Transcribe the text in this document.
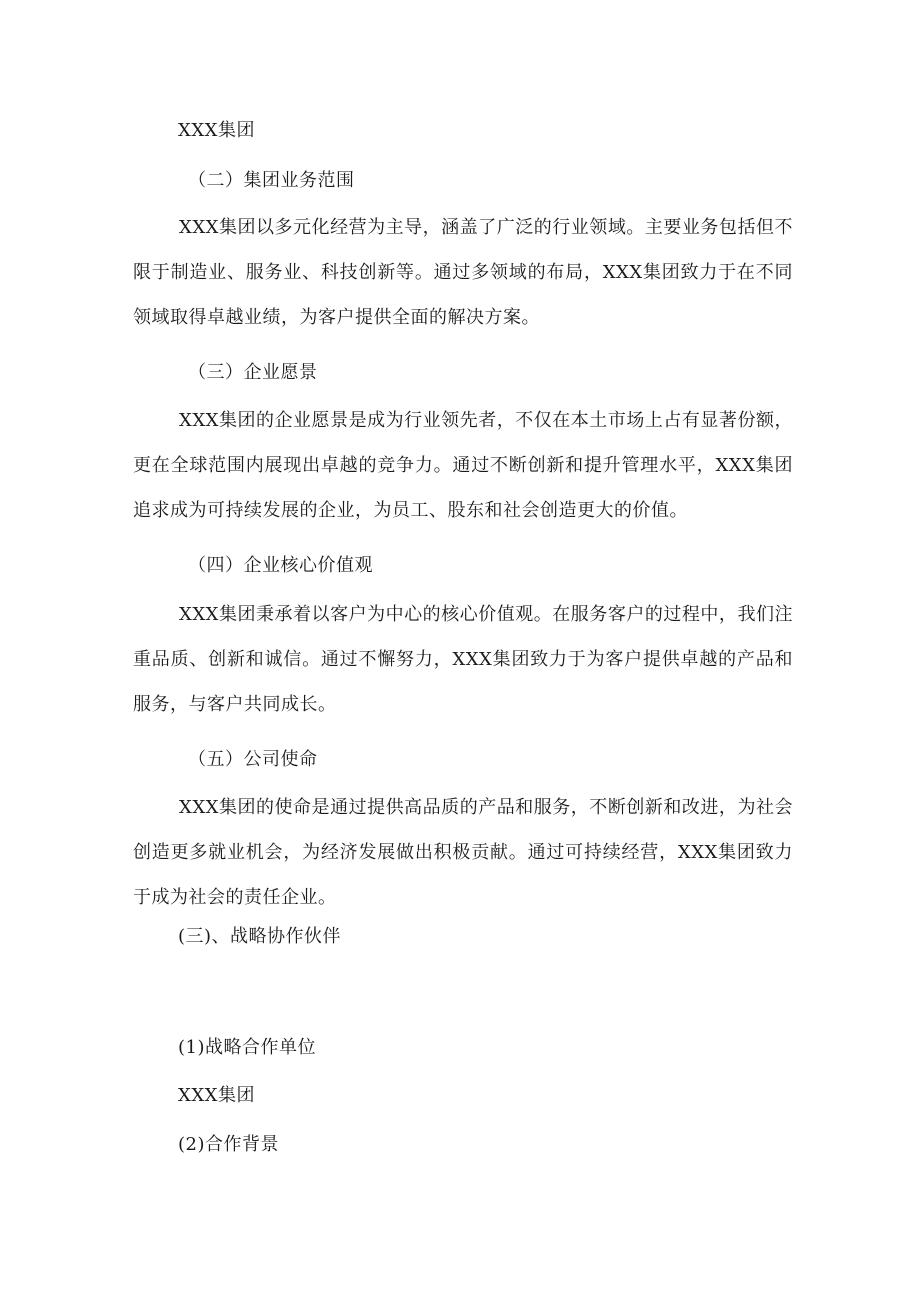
XXX集团
（二）集团业务范围
XXX集团以多元化经营为主导，涵盖了广泛的行业领域。主要业务包括但不限于制造业、服务业、科技创新等。通过多领域的布局，XXX集团致力于在不同领域取得卓越业绩，为客户提供全面的解决方案。
（三）企业愿景
XXX集团的企业愿景是成为行业领先者，不仅在本土市场上占有显著份额，更在全球范围内展现出卓越的竞争力。通过不断创新和提升管理水平，XXX集团追求成为可持续发展的企业，为员工、股东和社会创造更大的价值。
（四）企业核心价值观
XXX集团秉承着以客户为中心的核心价值观。在服务客户的过程中，我们注重品质、创新和诚信。通过不懈努力，XXX集团致力于为客户提供卓越的产品和服务，与客户共同成长。
（五）公司使命
XXX集团的使命是通过提供高品质的产品和服务，不断创新和改进，为社会创造更多就业机会，为经济发展做出积极贡献。通过可持续经营，XXX集团致力于成为社会的责任企业。
(三)、战略协作伙伴
(1)战略合作单位
XXX集团
(2)合作背景
